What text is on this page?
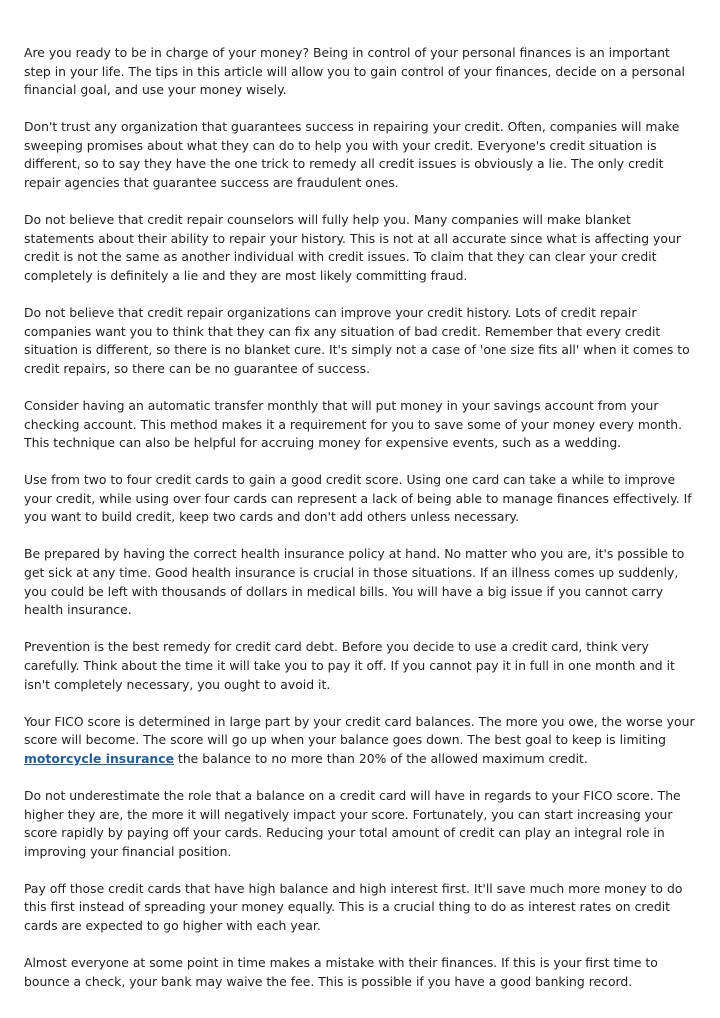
Are you ready to be in charge of your money? Being in control of your personal finances is an important step in your life. The tips in this article will allow you to gain control of your finances, decide on a personal financial goal, and use your money wisely.

Don't trust any organization that guarantees success in repairing your credit. Often, companies will make sweeping promises about what they can do to help you with your credit. Everyone's credit situation is different, so to say they have the one trick to remedy all credit issues is obviously a lie. The only credit repair agencies that guarantee success are fraudulent ones.

Do not believe that credit repair counselors will fully help you. Many companies will make blanket statements about their ability to repair your history. This is not at all accurate since what is affecting your credit is not the same as another individual with credit issues. To claim that they can clear your credit completely is definitely a lie and they are most likely committing fraud.

Do not believe that credit repair organizations can improve your credit history. Lots of credit repair companies want you to think that they can fix any situation of bad credit. Remember that every credit situation is different, so there is no blanket cure. It's simply not a case of 'one size fits all' when it comes to credit repairs, so there can be no guarantee of success.

Consider having an automatic transfer monthly that will put money in your savings account from your checking account. This method makes it a requirement for you to save some of your money every month. This technique can also be helpful for accruing money for expensive events, such as a wedding.

Use from two to four credit cards to gain a good credit score. Using one card can take a while to improve your credit, while using over four cards can represent a lack of being able to manage finances effectively. If you want to build credit, keep two cards and don't add others unless necessary.

Be prepared by having the correct health insurance policy at hand. No matter who you are, it's possible to get sick at any time. Good health insurance is crucial in those situations. If an illness comes up suddenly, you could be left with thousands of dollars in medical bills. You will have a big issue if you cannot carry health insurance.

Prevention is the best remedy for credit card debt. Before you decide to use a credit card, think very carefully. Think about the time it will take you to pay it off. If you cannot pay it in full in one month and it isn't completely necessary, you ought to avoid it.

Your FICO score is determined in large part by your credit card balances. The more you owe, the worse your score will become. The score will go up when your balance goes down. The best goal to keep is limiting motorcycle insurance the balance to no more than 20% of the allowed maximum credit.

Do not underestimate the role that a balance on a credit card will have in regards to your FICO score. The higher they are, the more it will negatively impact your score. Fortunately, you can start increasing your score rapidly by paying off your cards. Reducing your total amount of credit can play an integral role in improving your financial position.

Pay off those credit cards that have high balance and high interest first. It'll save much more money to do this first instead of spreading your money equally. This is a crucial thing to do as interest rates on credit cards are expected to go higher with each year.

Almost everyone at some point in time makes a mistake with their finances. If this is your first time to bounce a check, your bank may waive the fee. This is possible if you have a good banking record.
